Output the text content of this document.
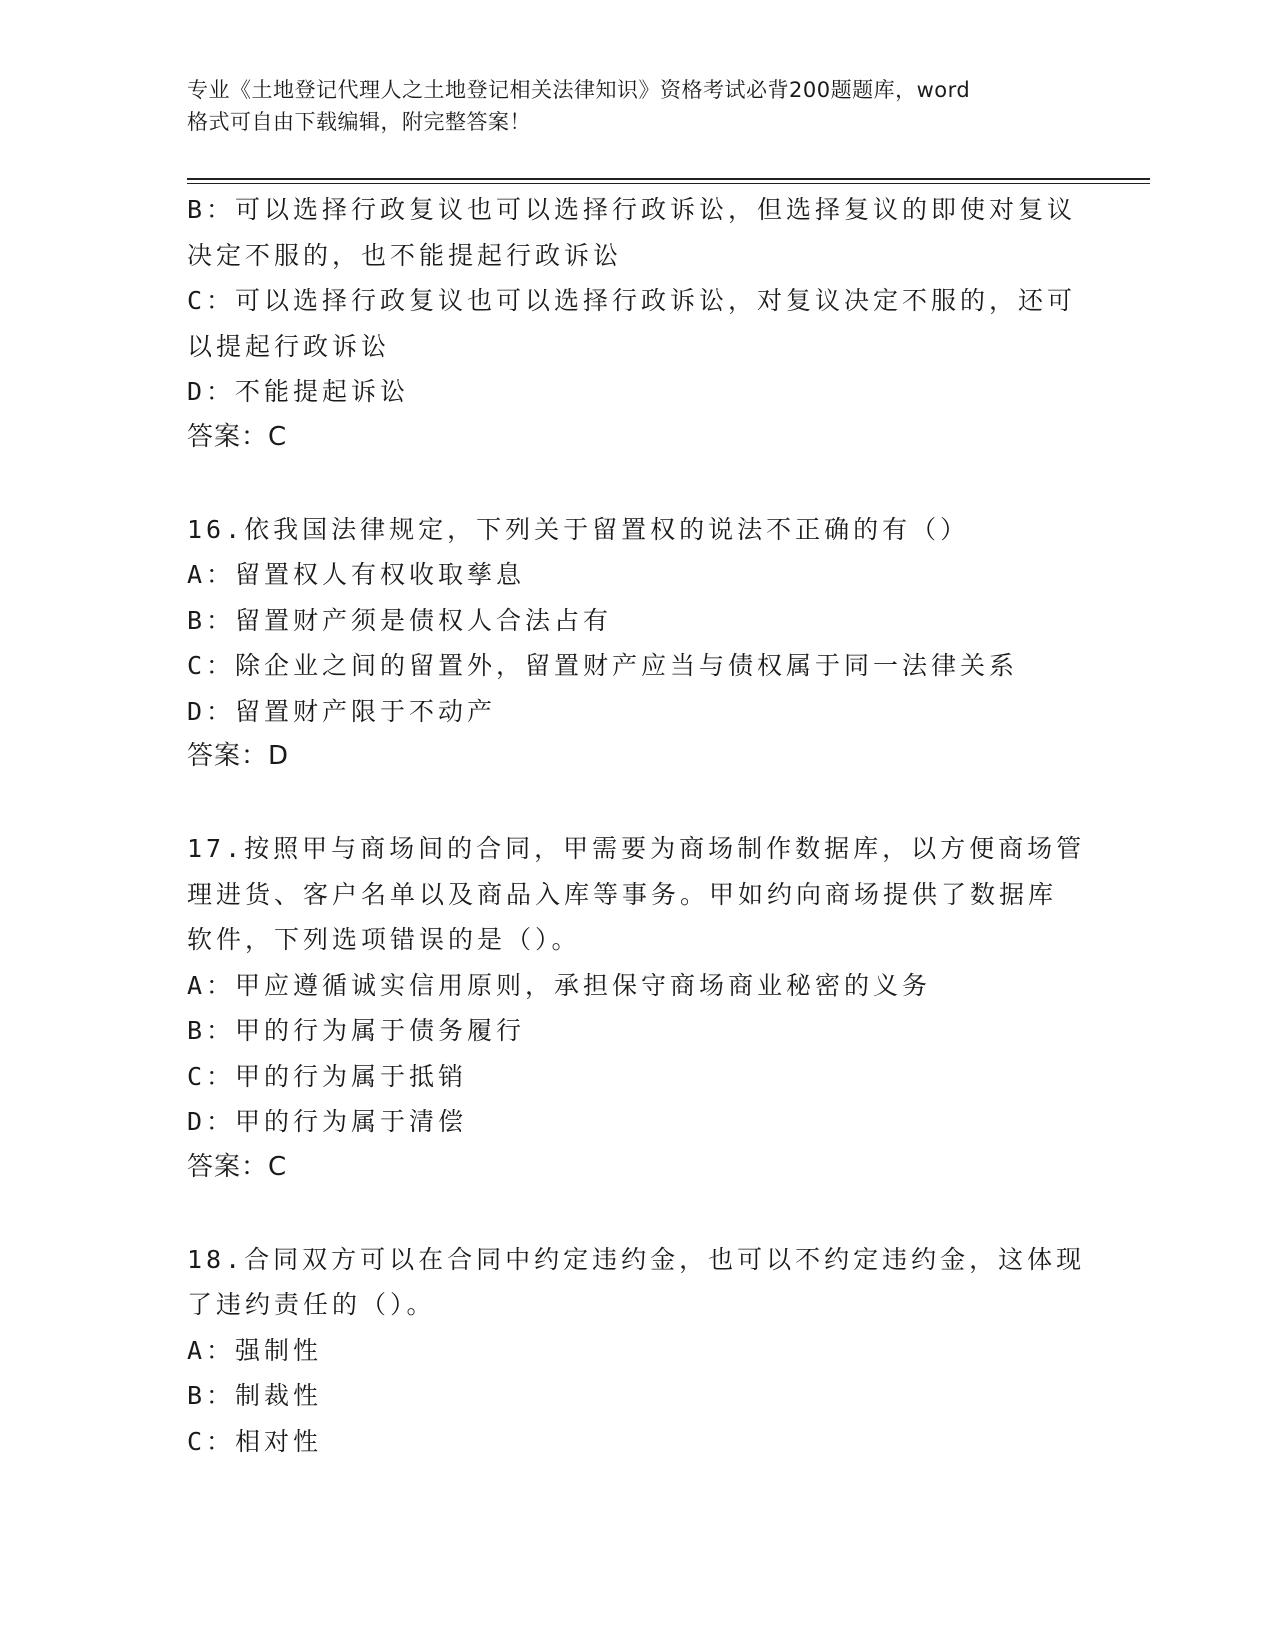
专业《土地登记代理人之土地登记相关法律知识》资格考试必背200题题库，word
格式可自由下载编辑，附完整答案！

B：可以选择行政复议也可以选择行政诉讼，但选择复议的即使对复议

决定不服的，也不能提起行政诉讼

C：可以选择行政复议也可以选择行政诉讼，对复议决定不服的，还可

以提起行政诉讼

D：不能提起诉讼

答案：C

16.依我国法律规定，下列关于留置权的说法不正确的有（）

A：留置权人有权收取孳息

B：留置财产须是债权人合法占有

C：除企业之间的留置外，留置财产应当与债权属于同一法律关系

D：留置财产限于不动产

答案：D

17.按照甲与商场间的合同，甲需要为商场制作数据库，以方便商场管

理进货、客户名单以及商品入库等事务。甲如约向商场提供了数据库

软件，下列选项错误的是（）。

A：甲应遵循诚实信用原则，承担保守商场商业秘密的义务

B：甲的行为属于债务履行

C：甲的行为属于抵销

D：甲的行为属于清偿

答案：C

18.合同双方可以在合同中约定违约金，也可以不约定违约金，这体现

了违约责任的（）。

A：强制性

B：制裁性

C：相对性
